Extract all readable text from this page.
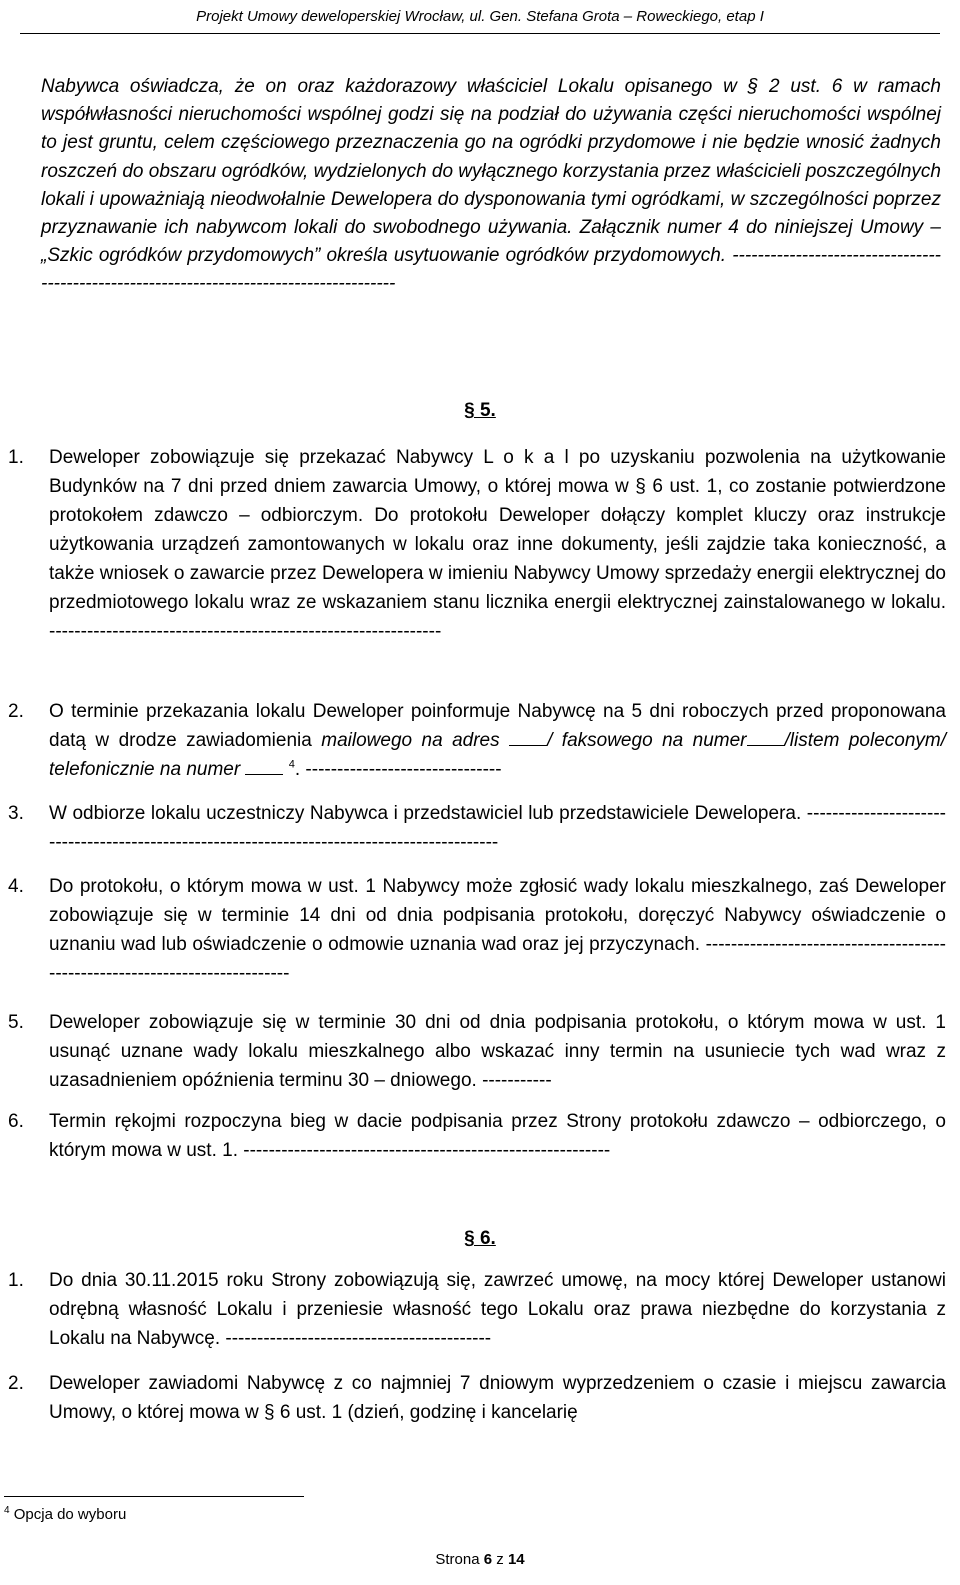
Projekt Umowy deweloperskiej Wrocław, ul. Gen. Stefana Grota – Roweckiego, etap I
Nabywca oświadcza, że on oraz każdorazowy właściciel Lokalu opisanego w § 2 ust. 6 w ramach współwłasności nieruchomości wspólnej godzi się na podział do używania części nieruchomości wspólnej to jest gruntu, celem częściowego przeznaczenia go na ogródki przydomowe i nie będzie wnosić żadnych roszczeń do obszaru ogródków, wydzielonych do wyłącznego korzystania przez właścicieli poszczególnych lokali i upoważniają nieodwołalnie Dewelopera do dysponowania tymi ogródkami, w szczególności poprzez przyznawanie ich nabywcom lokali do swobodnego używania. Załącznik numer 4 do niniejszej Umowy – „Szkic ogródków przydomowych” określa usytuowanie ogródków przydomowych. -----------------------------------------------------------------------------------------
§ 5.
1. Deweloper zobowiązuje się przekazać Nabywcy L o k a l po uzyskaniu pozwolenia na użytkowanie Budynków na 7 dni przed dniem zawarcia Umowy, o której mowa w § 6 ust. 1, co zostanie potwierdzone protokołem zdawczo – odbiorczym. Do protokołu Deweloper dołączy komplet kluczy oraz instrukcje użytkowania urządzeń zamontowanych w lokalu oraz inne dokumenty, jeśli zajdzie taka konieczność, a także wniosek o zawarcie przez Dewelopera w imieniu Nabywcy Umowy sprzedaży energii elektrycznej do przedmiotowego lokalu wraz ze wskazaniem stanu licznika energii elektrycznej zainstalowanego w lokalu. --------------------------------------------------------------
2. O terminie przekazania lokalu Deweloper poinformuje Nabywcę na 5 dni roboczych przed proponowana datą w drodze zawiadomienia mailowego na adres / faksowego na numer /listem poleconym/ telefonicznie na numer	$^4$. -------------------------------
3. W odbiorze lokalu uczestniczy Nabywca i przedstawiciel lub przedstawiciele Dewelopera. ---------------------------------------------------------------------------------------------
4. Do protokołu, o którym mowa w ust. 1 Nabywcy może zgłosić wady lokalu mieszkalnego, zaś Deweloper zobowiązuje się w terminie 14 dni od dnia podpisania protokołu, doręczyć Nabywcy oświadczenie o uznaniu wad lub oświadczenie o odmowie uznania wad oraz jej przyczynach. ----------------------------------------------------------------------------
5. Deweloper zobowiązuje się w terminie 30 dni od dnia podpisania protokołu, o którym mowa w ust. 1 usunąć uznane wady lokalu mieszkalnego albo wskazać inny termin na usuniecie tych wad wraz z uzasadnieniem opóźnienia terminu 30 – dniowego. -----------
6. Termin rękojmi rozpoczyna bieg w dacie podpisania przez Strony protokołu zdawczo – odbiorczego, o którym mowa w ust. 1. ----------------------------------------------------------
§ 6.
1. Do dnia 30.11.2015 roku Strony zobowiązują się, zawrzeć umowę, na mocy której Deweloper ustanowi odrębną własność Lokalu i przeniesie własność tego Lokalu oraz prawa niezbędne do korzystania z Lokalu na Nabywcę. ------------------------------------------
2. Deweloper zawiadomi Nabywcę z co najmniej 7 dniowym wyprzedzeniem o czasie i miejscu zawarcia Umowy, o której mowa w § 6 ust. 1 (dzień, godzinę i kancelarię
$^4$ Opcja do wyboru
Strona 6 z 14
